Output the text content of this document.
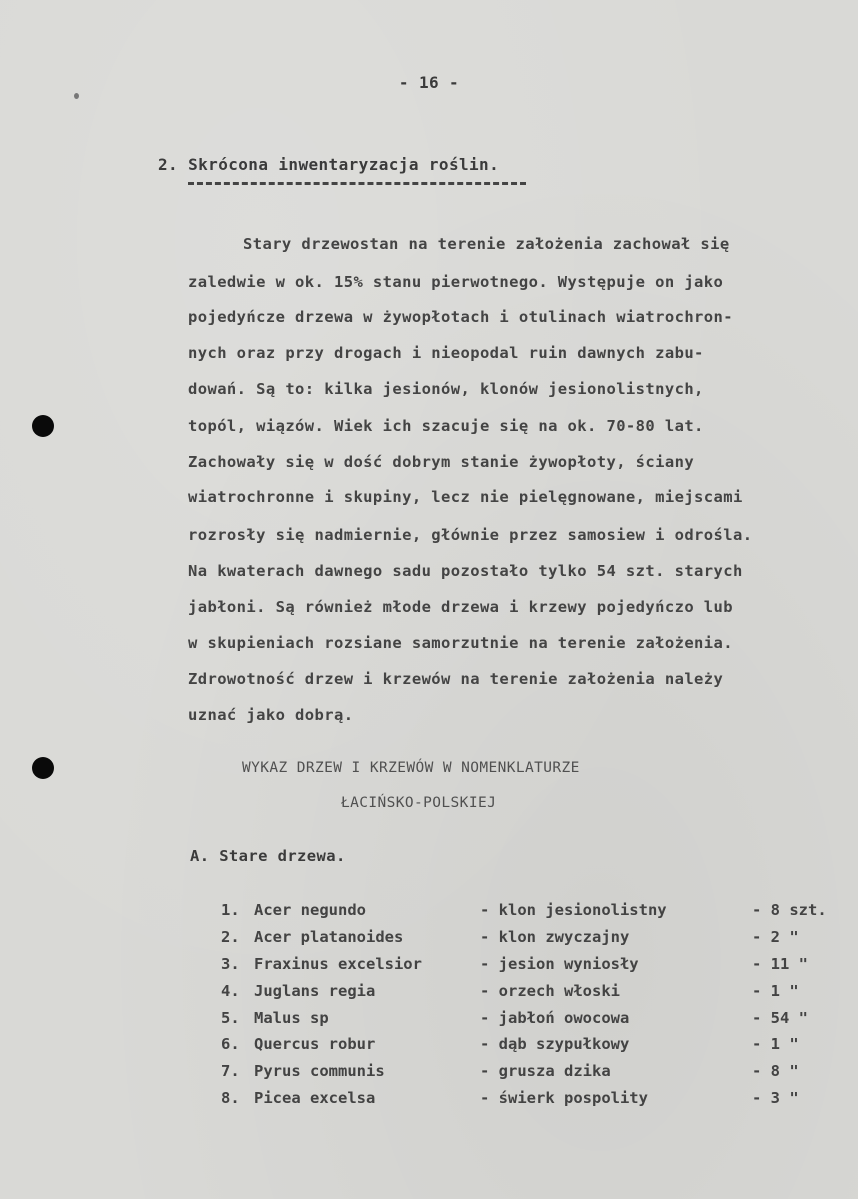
- 16 -
2. Skrócona inwentaryzacja roślin.
Stary drzewostan na terenie założenia zachował się
zaledwie w ok. 15% stanu pierwotnego. Występuje on jako
pojedyńcze drzewa w żywopłotach i otulinach wiatrochron-
nych oraz przy drogach i nieopodal ruin dawnych zabu-
dowań. Są to: kilka jesionów, klonów jesionolistnych,
topól, wiązów. Wiek ich szacuje się na ok. 70-80 lat.
Zachowały się w dość dobrym stanie żywopłoty, ściany
wiatrochronne i skupiny, lecz nie pielęgnowane, miejscami
rozrosły się nadmiernie, głównie przez samosiew i odrośla.
Na kwaterach dawnego sadu pozostało tylko 54 szt. starych
jabłoni. Są również młode drzewa i krzewy pojedyńczo lub
w skupieniach rozsiane samorzutnie na terenie założenia.
Zdrowotność drzew i krzewów na terenie założenia należy
uznać jako dobrą.
WYKAZ DRZEW I KRZEWÓW W NOMENKLATURZE
ŁACIŃSKO-POLSKIEJ
A. Stare drzewa.
1. Acer negundo	- klon jesionolistny	- 8 szt.
2. Acer platanoides	- klon zwyczajny	- 2 "
3. Fraxinus excelsior	- jesion wyniosły	- 11 "
4. Juglans regia	- orzech włoski	- 1 "
5. Malus sp	- jabłoń owocowa	- 54 "
6. Quercus robur	- dąb szypułkowy	- 1 "
7. Pyrus communis	- grusza dzika	- 8 "
8. Picea excelsa	- świerk pospolity	- 3 "
